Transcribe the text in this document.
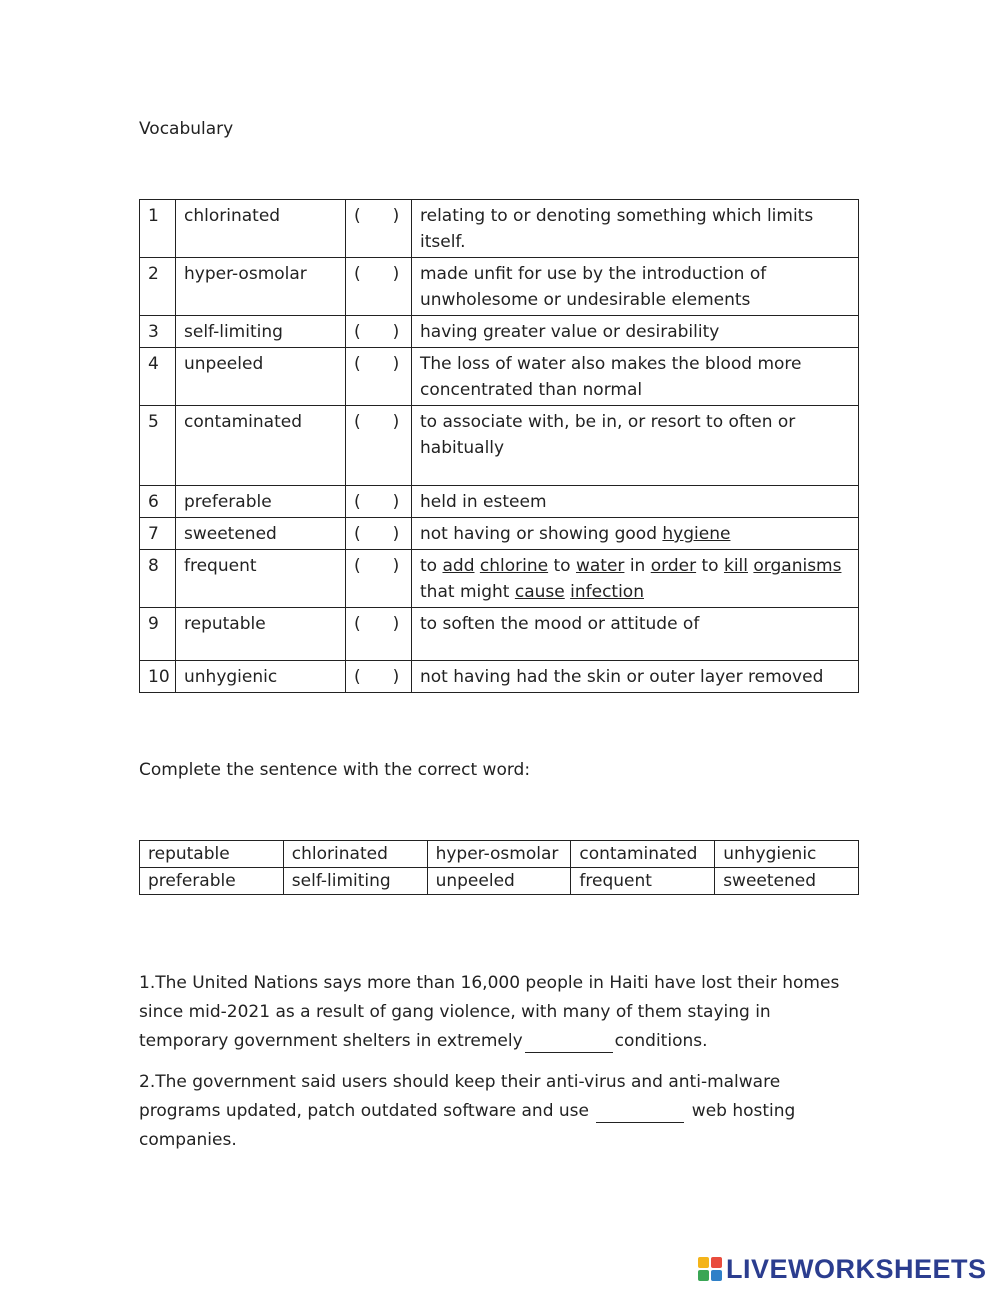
Vocabulary
1	chlorinated	( )	relating to or denoting something which limits itself.
2	hyper-osmolar	( )	made unfit for use by the introduction of unwholesome or undesirable elements
3	self-limiting	( )	having greater value or desirability
4	unpeeled	( )	The loss of water also makes the blood more concentrated than normal
5	contaminated	( )	to associate with, be in, or resort to often or habitually
6	preferable	( )	held in esteem
7	sweetened	( )	not having or showing good hygiene
8	frequent	( )	to add chlorine to water in order to kill organisms that might cause infection
9	reputable	( )	to soften the mood or attitude of
10	unhygienic	( )	not having had the skin or outer layer removed
Complete the sentence with the correct word:
reputable	chlorinated	hyper-osmolar	contaminated	unhygienic
preferable	self-limiting	unpeeled	frequent	sweetened
1.The United Nations says more than 16,000 people in Haiti have lost their homes since mid-2021 as a result of gang violence, with many of them staying in temporary government shelters in extremely	conditions.
2.The government said users should keep their anti-virus and anti-malware programs updated, patch outdated software and use	web hosting companies.
LIVEWORKSHEETS
